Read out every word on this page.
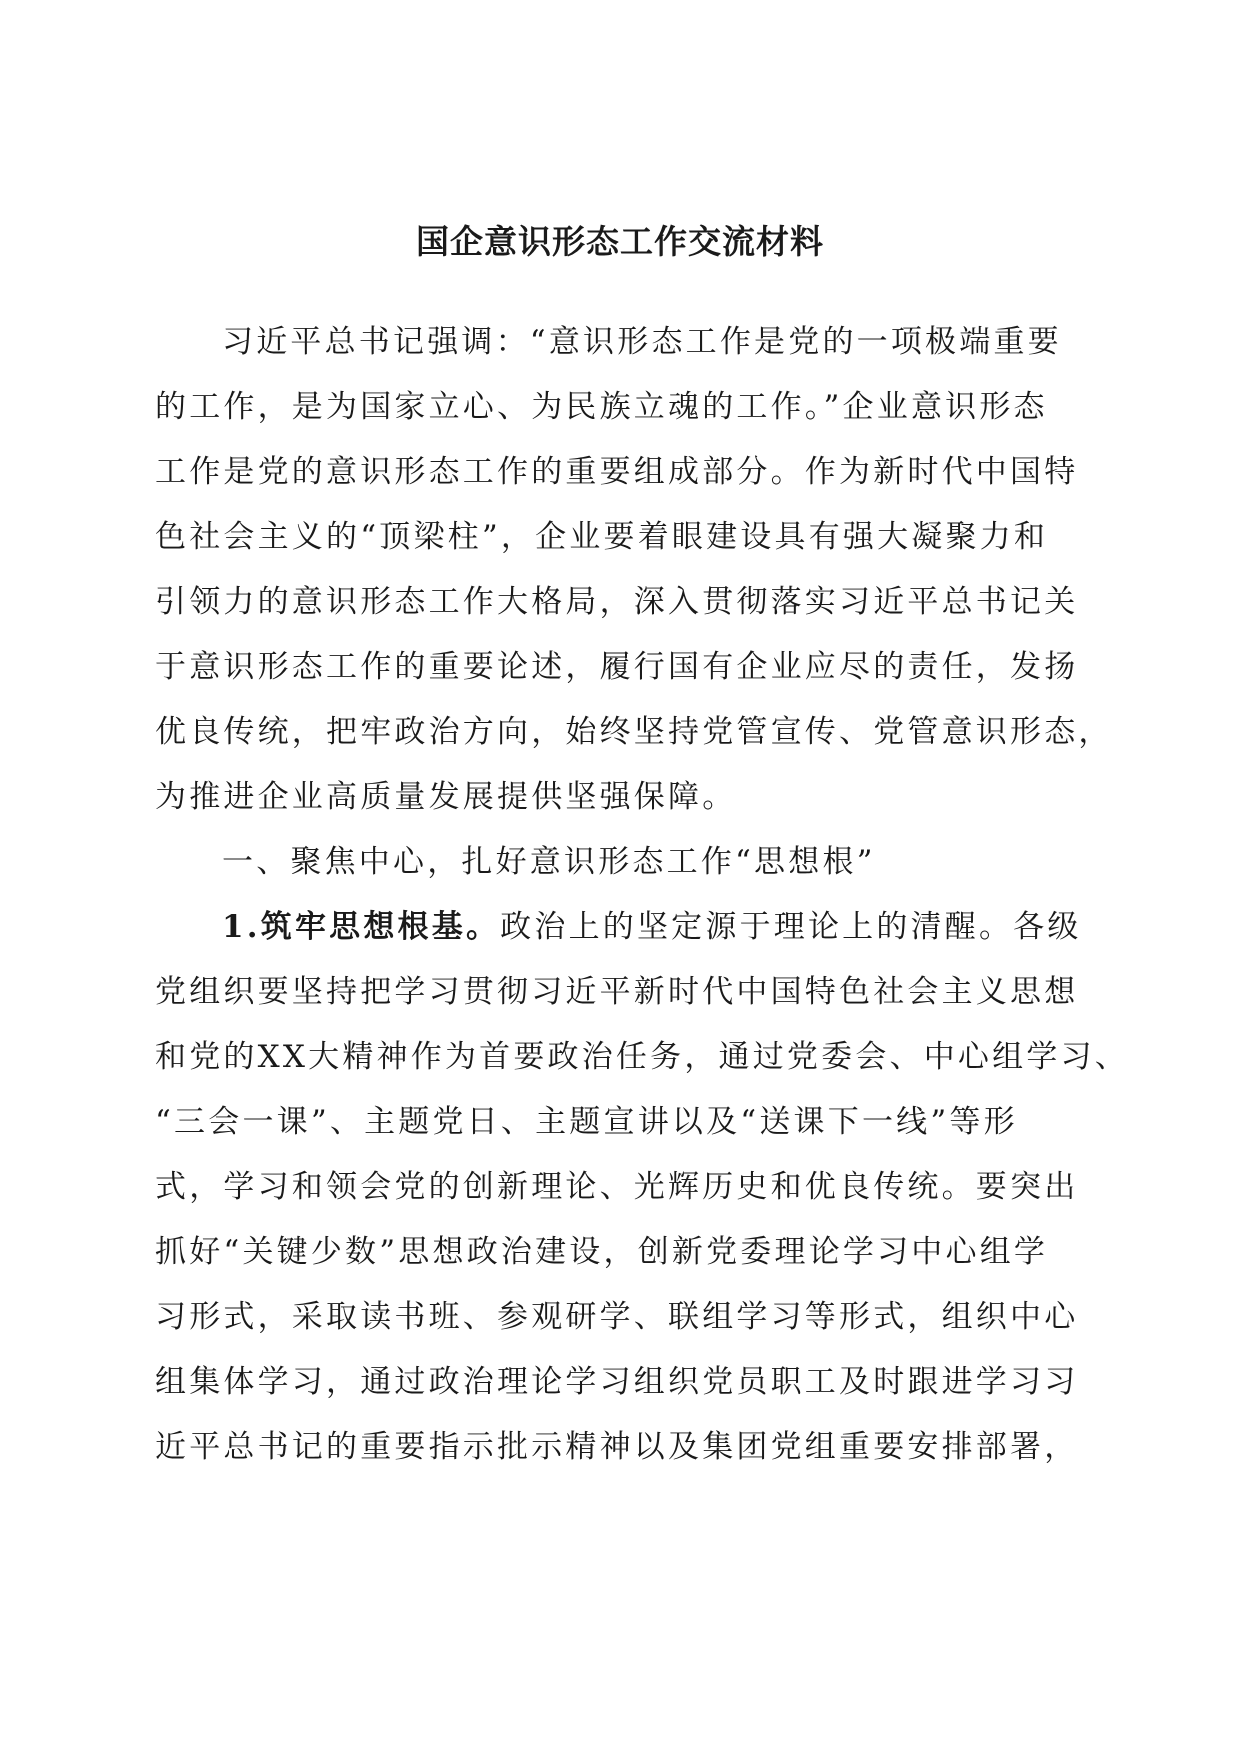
国企意识形态工作交流材料
习近平总书记强调：“意识形态工作是党的一项极端重要
的工作，是为国家立心、为民族立魂的工作。”企业意识形态
工作是党的意识形态工作的重要组成部分。作为新时代中国特
色社会主义的“顶梁柱”，企业要着眼建设具有强大凝聚力和
引领力的意识形态工作大格局，深入贯彻落实习近平总书记关
于意识形态工作的重要论述，履行国有企业应尽的责任，发扬
优良传统，把牢政治方向，始终坚持党管宣传、党管意识形态，
为推进企业高质量发展提供坚强保障。
一、聚焦中心，扎好意识形态工作“思想根”
1.筑牢思想根基。政治上的坚定源于理论上的清醒。各级
党组织要坚持把学习贯彻习近平新时代中国特色社会主义思想
和党的XX大精神作为首要政治任务，通过党委会、中心组学习、
“三会一课”、主题党日、主题宣讲以及“送课下一线”等形
式，学习和领会党的创新理论、光辉历史和优良传统。要突出
抓好“关键少数”思想政治建设，创新党委理论学习中心组学
习形式，采取读书班、参观研学、联组学习等形式，组织中心
组集体学习，通过政治理论学习组织党员职工及时跟进学习习
近平总书记的重要指示批示精神以及集团党组重要安排部署，
